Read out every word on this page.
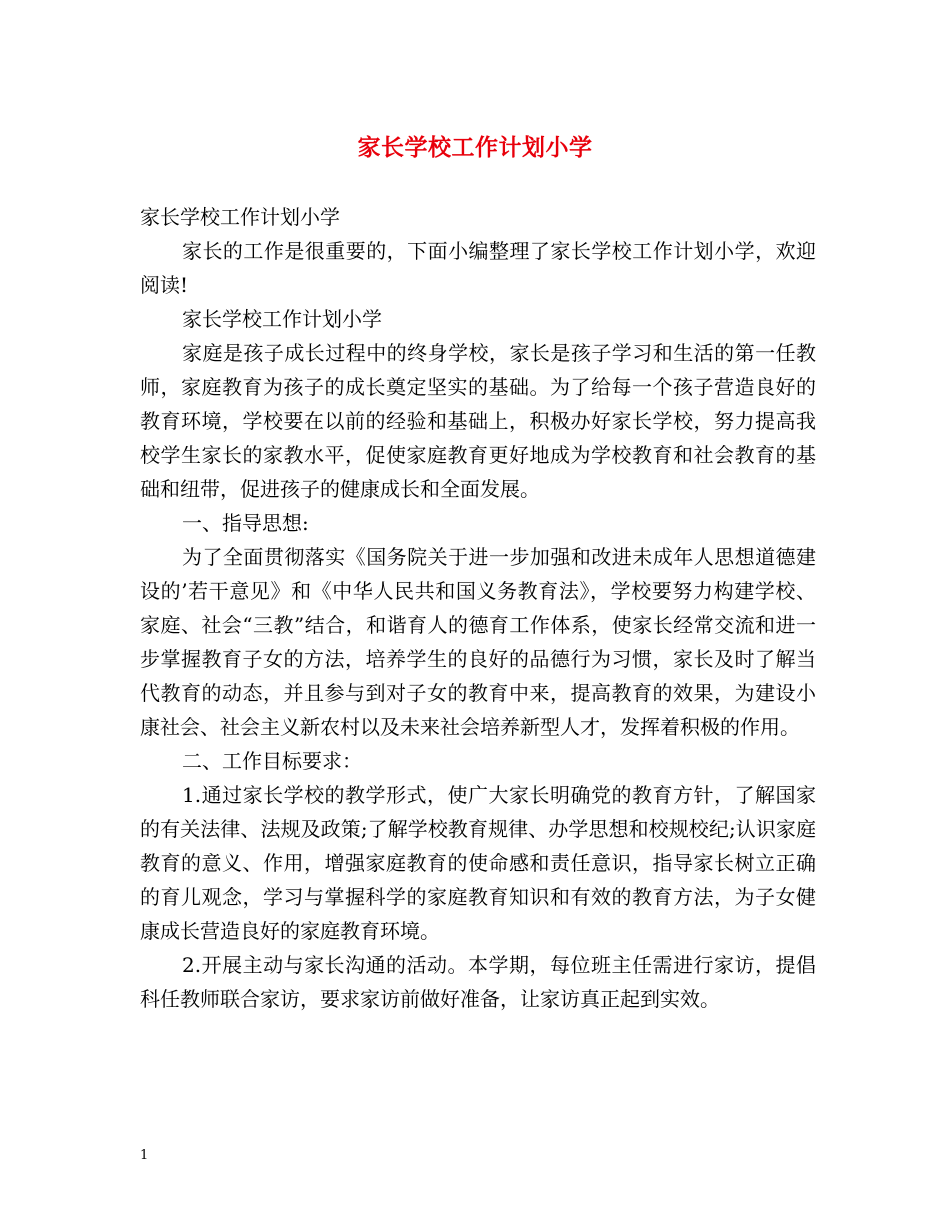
家长学校工作计划小学

家长学校工作计划小学

家长的工作是很重要的，下面小编整理了家长学校工作计划小学，欢迎阅读!

家长学校工作计划小学

家庭是孩子成长过程中的终身学校，家长是孩子学习和生活的第一任教师，家庭教育为孩子的成长奠定坚实的基础。为了给每一个孩子营造良好的教育环境，学校要在以前的经验和基础上，积极办好家长学校，努力提高我校学生家长的家教水平，促使家庭教育更好地成为学校教育和社会教育的基础和纽带，促进孩子的健康成长和全面发展。

一、指导思想:

为了全面贯彻落实《国务院关于进一步加强和改进未成年人思想道德建设的’若干意见》和《中华人民共和国义务教育法》，学校要努力构建学校、家庭、社会“三教”结合，和谐育人的德育工作体系，使家长经常交流和进一步掌握教育子女的方法，培养学生的良好的品德行为习惯，家长及时了解当代教育的动态，并且参与到对子女的教育中来，提高教育的效果，为建设小康社会、社会主义新农村以及未来社会培养新型人才，发挥着积极的作用。

二、工作目标要求：

1.通过家长学校的教学形式，使广大家长明确党的教育方针，了解国家的有关法律、法规及政策;了解学校教育规律、办学思想和校规校纪;认识家庭教育的意义、作用，增强家庭教育的使命感和责任意识，指导家长树立正确的育儿观念，学习与掌握科学的家庭教育知识和有效的教育方法，为子女健康成长营造良好的家庭教育环境。

2.开展主动与家长沟通的活动。本学期，每位班主任需进行家访，提倡科任教师联合家访，要求家访前做好准备，让家访真正起到实效。

1
